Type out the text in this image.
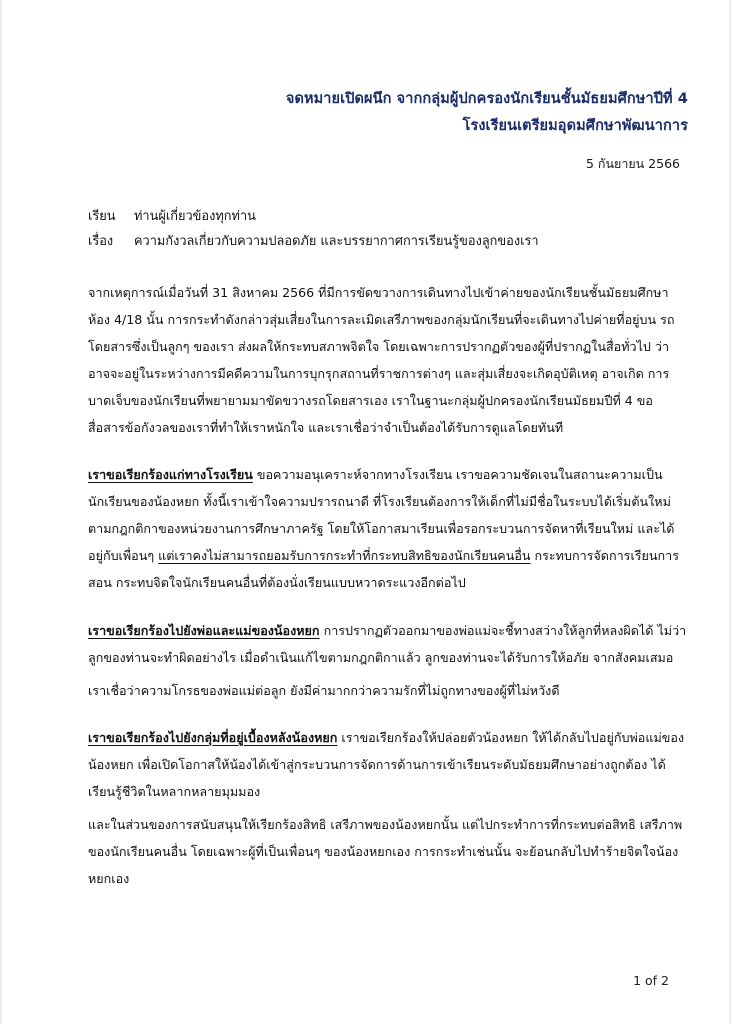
จดหมายเปิดผนึก จากกลุ่มผู้ปกครองนักเรียนชั้นมัธยมศึกษาปีที่ 4
โรงเรียนเตรียมอุดมศึกษาพัฒนาการ
5 กันยายน 2566
เรียน	ท่านผู้เกี่ยวข้องทุกท่าน
เรื่อง	ความกังวลเกี่ยวกับความปลอดภัย และบรรยากาศการเรียนรู้ของลูกของเรา

จากเหตุการณ์เมื่อวันที่ 31 สิงหาคม 2566 ที่มีการขัดขวางการเดินทางไปเข้าค่ายของนักเรียนชั้นมัธยมศึกษา ห้อง 4/18 นั้น การกระทำดังกล่าวสุ่มเสี่ยงในการละเมิดเสรีภาพของกลุ่มนักเรียนที่จะเดินทางไปค่ายที่อยู่บน รถโดยสารซึ่งเป็นลูกๆ ของเรา ส่งผลให้กระทบสภาพจิตใจ โดยเฉพาะการปรากฏตัวของผู้ที่ปรากฏในสื่อทั่วไป ว่า อาจจะอยู่ในระหว่างการมีคดีความในการบุกรุกสถานที่ราชการต่างๆ และสุ่มเสี่ยงจะเกิดอุบัติเหตุ อาจเกิด การบาดเจ็บของนักเรียนที่พยายามมาขัดขวางรถโดยสารเอง เราในฐานะกลุ่มผู้ปกครองนักเรียนมัธยมปีที่ 4 ขอสื่อสารข้อกังวลของเราที่ทำให้เราหนักใจ และเราเชื่อว่าจำเป็นต้องได้รับการดูแลโดยทันที

เราขอเรียกร้องแก่ทางโรงเรียน ขอความอนุเคราะห์จากทางโรงเรียน เราขอความชัดเจนในสถานะความเป็นนักเรียนของน้องหยก ทั้งนี้เราเข้าใจความปรารถนาดี ที่โรงเรียนต้องการให้เด็กที่ไม่มีชื่อในระบบได้เริ่มต้นใหม่ ตามกฎกติกาของหน่วยงานการศึกษาภาครัฐ โดยให้โอกาสมาเรียนเพื่อรอกระบวนการจัดหาที่เรียนใหม่ และได้อยู่กับเพื่อนๆ แต่เราคงไม่สามารถยอมรับการกระทำที่กระทบสิทธิของนักเรียนคนอื่น กระทบการจัดการเรียนการสอน กระทบจิตใจนักเรียนคนอื่นที่ต้องนั่งเรียนแบบหวาดระแวงอีกต่อไป

เราขอเรียกร้องไปยังพ่อและแม่ของน้องหยก การปรากฏตัวออกมาของพ่อแม่จะชี้ทางสว่างให้ลูกที่หลงผิดได้ ไม่ว่าลูกของท่านจะทำผิดอย่างไร เมื่อดำเนินแก้ไขตามกฎกติกาแล้ว ลูกของท่านจะได้รับการให้อภัย จากสังคมเสมอ

เราเชื่อว่าความโกรธของพ่อแม่ต่อลูก ยังมีค่ามากกว่าความรักที่ไม่ถูกทางของผู้ที่ไม่หวังดี

เราขอเรียกร้องไปยังกลุ่มที่อยู่เบื้องหลังน้องหยก เราขอเรียกร้องให้ปล่อยตัวน้องหยก ให้ได้กลับไปอยู่กับพ่อแม่ของน้องหยก เพื่อเปิดโอกาสให้น้องได้เข้าสู่กระบวนการจัดการด้านการเข้าเรียนระดับมัธยมศึกษาอย่างถูกต้อง ได้เรียนรู้ชีวิตในหลากหลายมุมมอง

และในส่วนของการสนับสนุนให้เรียกร้องสิทธิ เสรีภาพของน้องหยกนั้น แต่ไปกระทำการที่กระทบต่อสิทธิ เสรีภาพของนักเรียนคนอื่น โดยเฉพาะผู้ที่เป็นเพื่อนๆ ของน้องหยกเอง การกระทำเช่นนั้น จะย้อนกลับไปทำร้ายจิตใจน้องหยกเอง

1 of 2
